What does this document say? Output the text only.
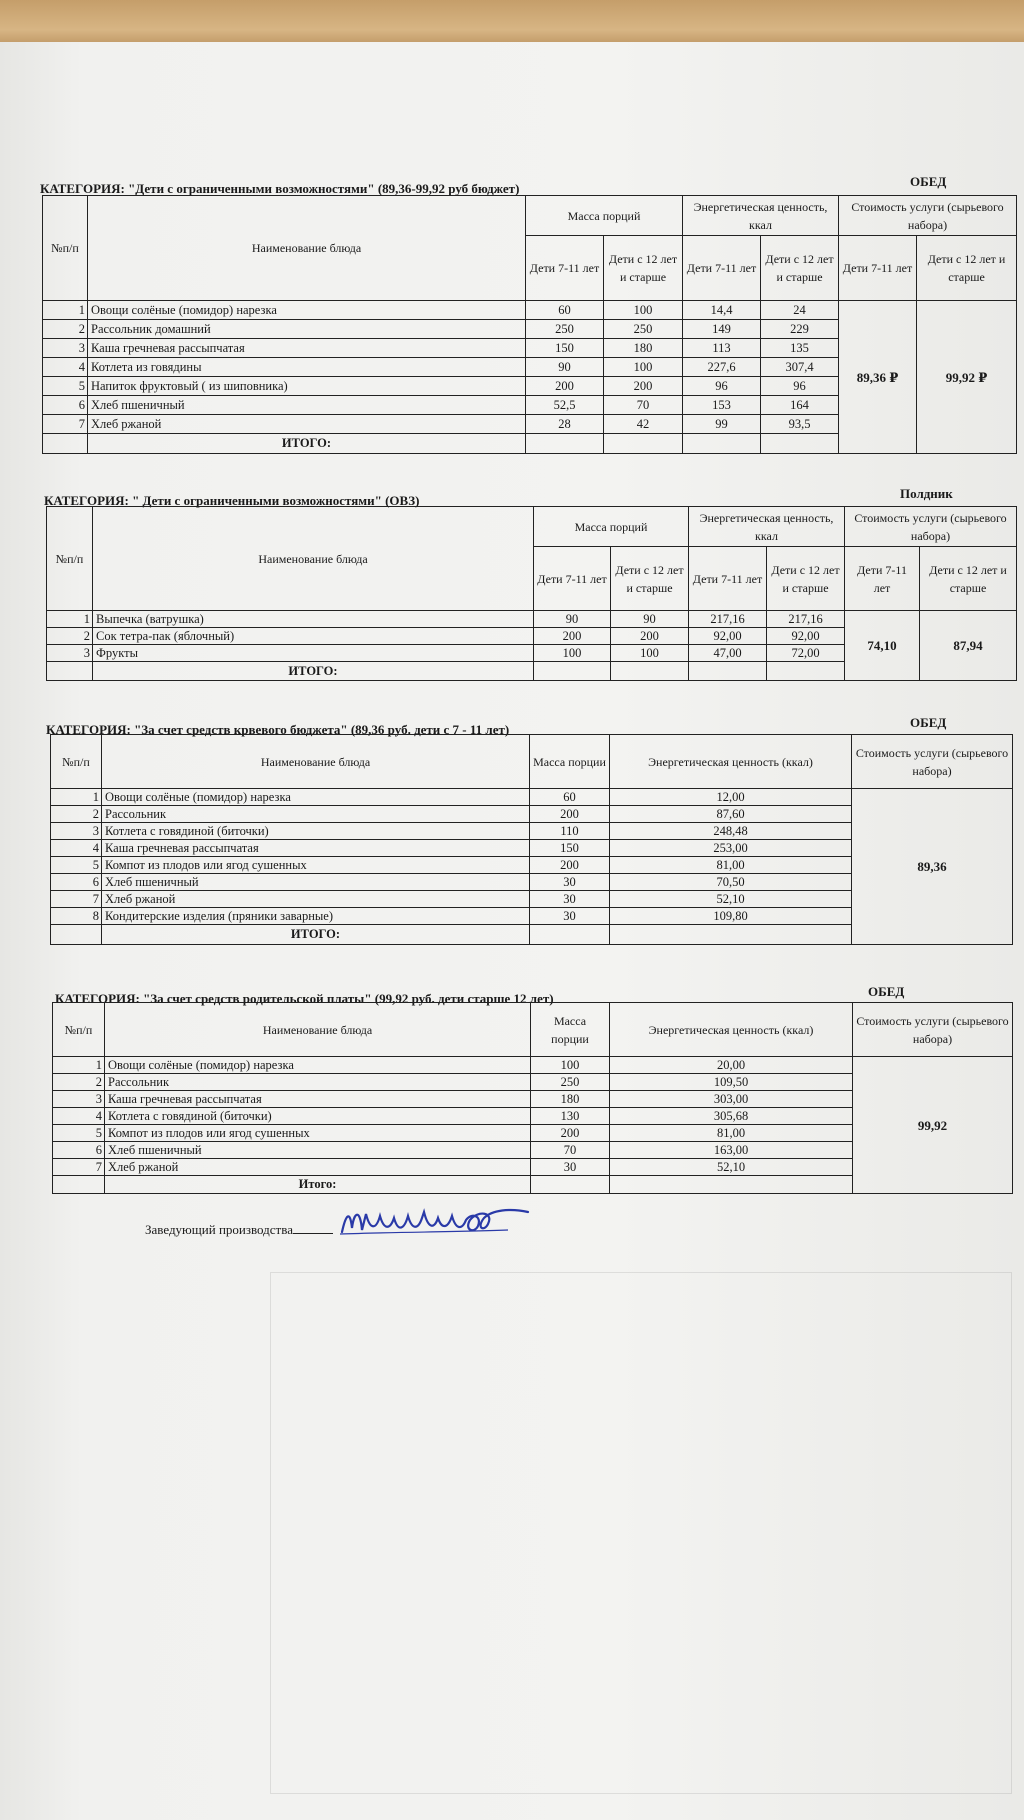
КАТЕГОРИЯ: "Дети с ограниченными возможностями" (89,36-99,92 руб бюджет)	ОБЕД
№п/п	Наименование блюда	Масса порций		Энергетическая ценность, ккал		Стоимость услуги (сырьевого набора)	
		Дети 7-11 лет	Дети с 12 лет и старше	Дети 7-11 лет	Дети с 12 лет и старше	Дети 7-11 лет	Дети с 12 лет и старше
1	Овощи солёные (помидор) нарезка	60	100	14,4	24	89,36 ₽	99,92 ₽
2	Рассольник домашний	250	250	149	229		
3	Каша гречневая рассыпчатая	150	180	113	135		
4	Котлета из говядины	90	100	227,6	307,4		
5	Напиток фруктовый ( из шиповника)	200	200	96	96		
6	Хлеб пшеничный	52,5	70	153	164		
7	Хлеб ржаной	28	42	99	93,5		
	ИТОГО:						
КАТЕГОРИЯ: " Дети с ограниченными возможностями" (ОВЗ)	Полдник
№п/п	Наименование блюда	Масса порций		Энергетическая ценность, ккал		Стоимость услуги (сырьевого набора)	
		Дети 7-11 лет	Дети с 12 лет и старше	Дети 7-11 лет	Дети с 12 лет и старше	Дети 7-11 лет	Дети с 12 лет и старше
1	Выпечка (ватрушка)	90	90	217,16	217,16	74,10	87,94
2	Сок тетра-пак (яблочный)	200	200	92,00	92,00		
3	Фрукты	100	100	47,00	72,00		
	ИТОГО:						
КАТЕГОРИЯ: "За счет средств крвевого бюджета" (89,36 руб. дети с 7 - 11 лет)	ОБЕД
№п/п	Наименование блюда	Масса порции	Энергетическая ценность (ккал)	Стоимость услуги (сырьевого набора)
1	Овощи солёные (помидор) нарезка	60	12,00	89,36
2	Рассольник	200	87,60	
3	Котлета с говядиной (биточки)	110	248,48	
4	Каша гречневая рассыпчатая	150	253,00	
5	Компот из плодов или ягод сушенных	200	81,00	
6	Хлеб пшеничный	30	70,50	
7	Хлеб ржаной	30	52,10	
8	Кондитерские изделия (пряники заварные)	30	109,80	
	ИТОГО:			
КАТЕГОРИЯ: "За счет средств родительской платы" (99,92 руб. дети старше 12 лет)	ОБЕД
№п/п	Наименование блюда	Масса порции	Энергетическая ценность (ккал)	Стоимость услуги (сырьевого набора)
1	Овощи солёные (помидор) нарезка	100	20,00	99,92
2	Рассольник	250	109,50	
3	Каша гречневая рассыпчатая	180	303,00	
4	Котлета с говядиной (биточки)	130	305,68	
5	Компот из плодов или ягод сушенных	200	81,00	
6	Хлеб пшеничный	70	163,00	
7	Хлеб ржаной	30	52,10	
	Итого:			
Заведующий производства
